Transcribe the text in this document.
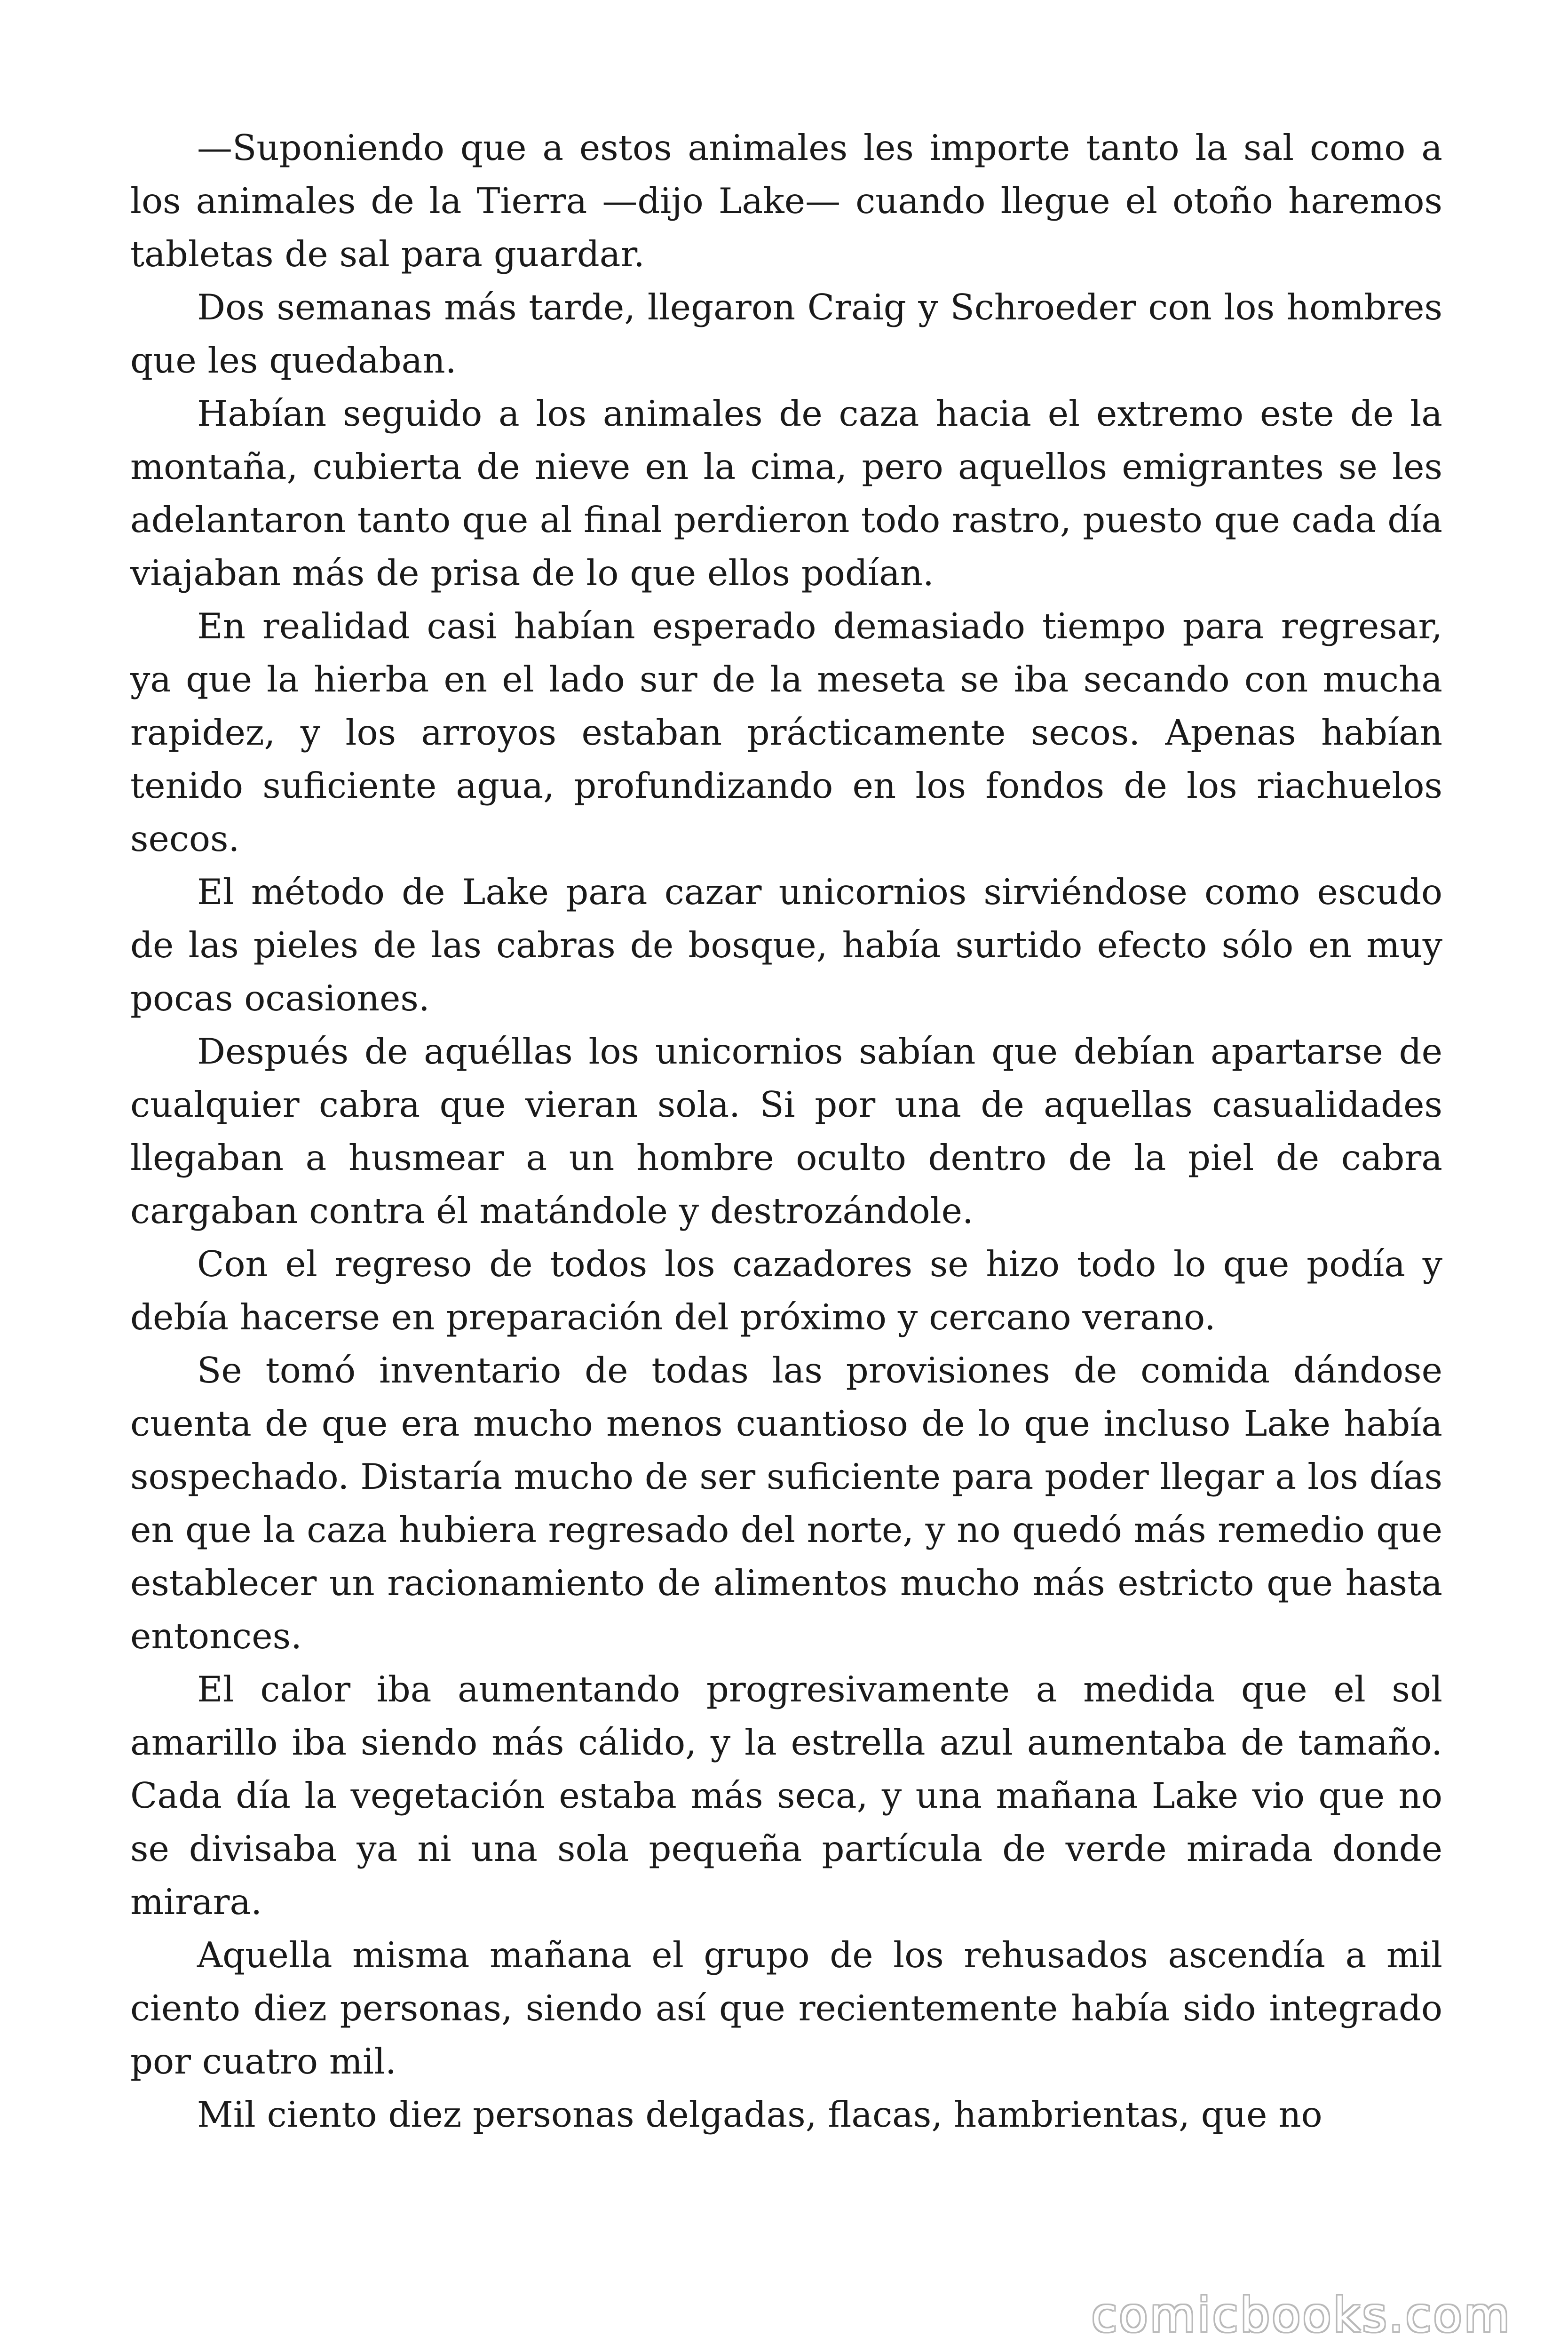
—Suponiendo que a estos animales les importe tanto la sal como a los animales de la Tierra —dijo Lake— cuando llegue el otoño haremos tabletas de sal para guardar.

Dos semanas más tarde, llegaron Craig y Schroeder con los hombres que les quedaban.

Habían seguido a los animales de caza hacia el extremo este de la montaña, cubierta de nieve en la cima, pero aquellos emigrantes se les adelantaron tanto que al final perdieron todo rastro, puesto que cada día viajaban más de prisa de lo que ellos podían.

En realidad casi habían esperado demasiado tiempo para regresar, ya que la hierba en el lado sur de la meseta se iba secando con mucha rapidez, y los arroyos estaban prácticamente secos. Apenas habían tenido suficiente agua, profundizando en los fondos de los riachuelos secos.

El método de Lake para cazar unicornios sirviéndose como escudo de las pieles de las cabras de bosque, había surtido efecto sólo en muy pocas ocasiones.

Después de aquéllas los unicornios sabían que debían apartarse de cualquier cabra que vieran sola. Si por una de aquellas casualidades llegaban a husmear a un hombre oculto dentro de la piel de cabra cargaban contra él matándole y destrozándole.

Con el regreso de todos los cazadores se hizo todo lo que podía y debía hacerse en preparación del próximo y cercano verano.

Se tomó inventario de todas las provisiones de comida dándose cuenta de que era mucho menos cuantioso de lo que incluso Lake había sospechado. Distaría mucho de ser suficiente para poder llegar a los días en que la caza hubiera regresado del norte, y no quedó más remedio que establecer un racionamiento de alimentos mucho más estricto que hasta entonces.

El calor iba aumentando progresivamente a medida que el sol amarillo iba siendo más cálido, y la estrella azul aumentaba de tamaño. Cada día la vegetación estaba más seca, y una mañana Lake vio que no se divisaba ya ni una sola pequeña partícula de verde mirada donde mirara.

Aquella misma mañana el grupo de los rehusados ascendía a mil ciento diez personas, siendo así que recientemente había sido integrado por cuatro mil.

Mil ciento diez personas delgadas, flacas, hambrientas, que no

comicbooks.com
